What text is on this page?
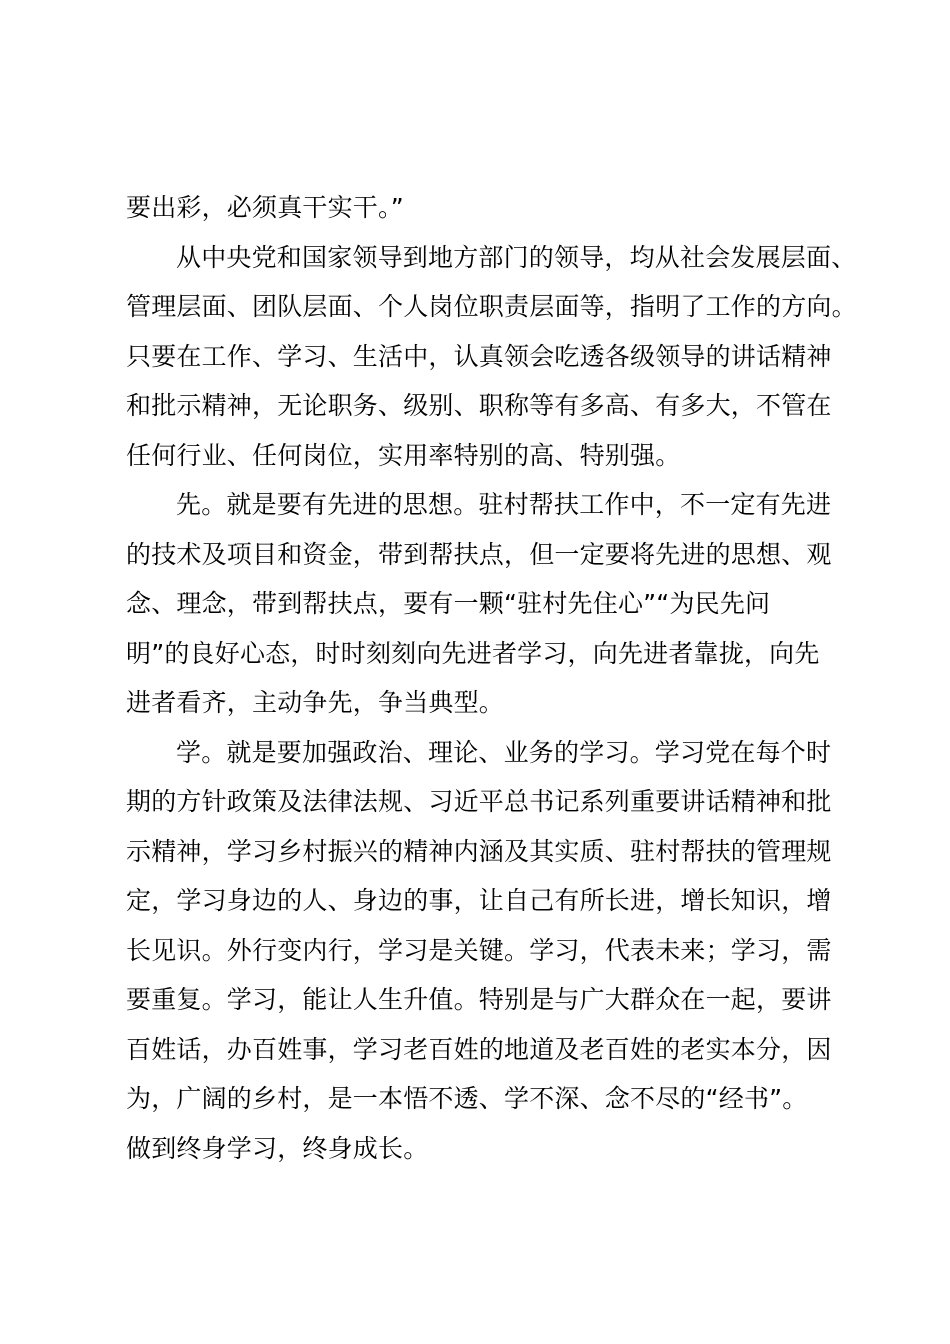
要出彩，必须真干实干。”
从中央党和国家领导到地方部门的领导，均从社会发展层面、
管理层面、团队层面、个人岗位职责层面等，指明了工作的方向。
只要在工作、学习、生活中，认真领会吃透各级领导的讲话精神
和批示精神，无论职务、级别、职称等有多高、有多大，不管在
任何行业、任何岗位，实用率特别的高、特别强。
先。就是要有先进的思想。驻村帮扶工作中，不一定有先进
的技术及项目和资金，带到帮扶点，但一定要将先进的思想、观
念、理念，带到帮扶点，要有一颗“驻村先住心”“为民先问
明”的良好心态，时时刻刻向先进者学习，向先进者靠拢，向先
进者看齐，主动争先，争当典型。
学。就是要加强政治、理论、业务的学习。学习党在每个时
期的方针政策及法律法规、习近平总书记系列重要讲话精神和批
示精神，学习乡村振兴的精神内涵及其实质、驻村帮扶的管理规
定，学习身边的人、身边的事，让自己有所长进，增长知识，增
长见识。外行变内行，学习是关键。学习，代表未来；学习，需
要重复。学习，能让人生升值。特别是与广大群众在一起，要讲
百姓话，办百姓事，学习老百姓的地道及老百姓的老实本分，因
为，广阔的乡村，是一本悟不透、学不深、念不尽的“经书”。
做到终身学习，终身成长。
